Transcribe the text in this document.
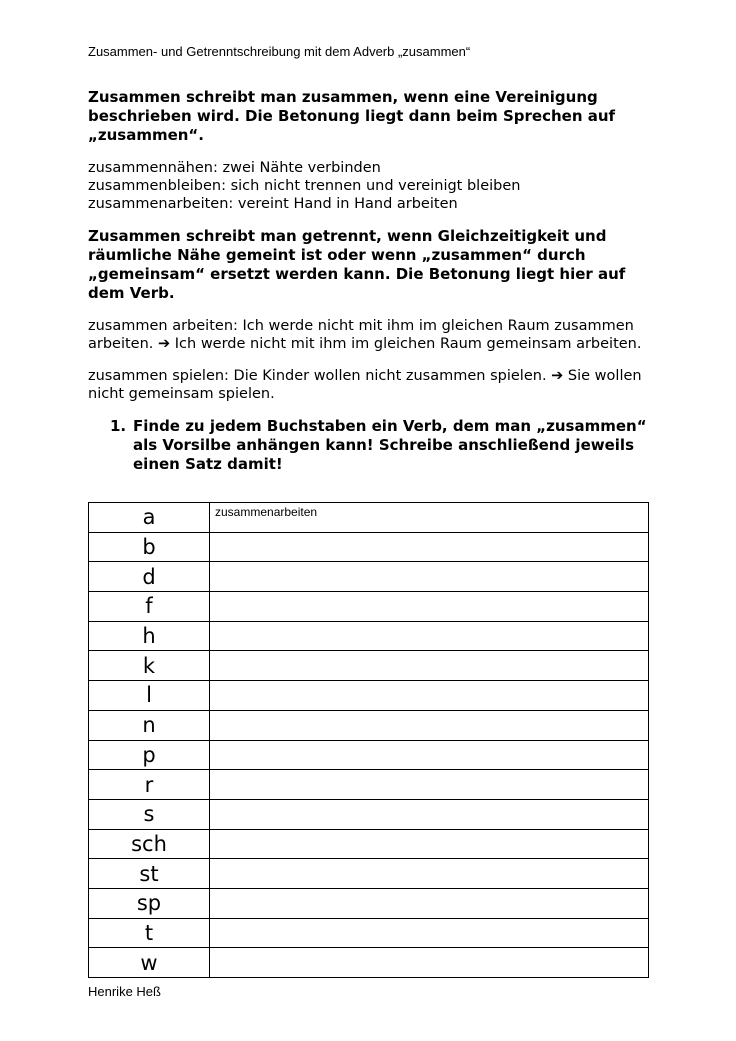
Zusammen- und Getrenntschreibung mit dem Adverb „zusammen“

Zusammen schreibt man zusammen, wenn eine Vereinigung beschrieben wird. Die Betonung liegt dann beim Sprechen auf „zusammen“.

zusammennähen: zwei Nähte verbinden
zusammenbleiben: sich nicht trennen und vereinigt bleiben
zusammenarbeiten: vereint Hand in Hand arbeiten

Zusammen schreibt man getrennt, wenn Gleichzeitigkeit und räumliche Nähe gemeint ist oder wenn „zusammen“ durch „gemeinsam“ ersetzt werden kann. Die Betonung liegt hier auf dem Verb.

zusammen arbeiten: Ich werde nicht mit ihm im gleichen Raum zusammen arbeiten. ➔ Ich werde nicht mit ihm im gleichen Raum gemeinsam arbeiten.

zusammen spielen: Die Kinder wollen nicht zusammen spielen. ➔ Sie wollen nicht gemeinsam spielen.

1. Finde zu jedem Buchstaben ein Verb, dem man „zusammen“ als Vorsilbe anhängen kann! Schreibe anschließend jeweils einen Satz damit!
a	zusammenarbeiten
b	
d	
f	
h	
k	
l	
n	
p	
r	
s	
sch	
st	
sp	
t	
w	
Henrike Heß
